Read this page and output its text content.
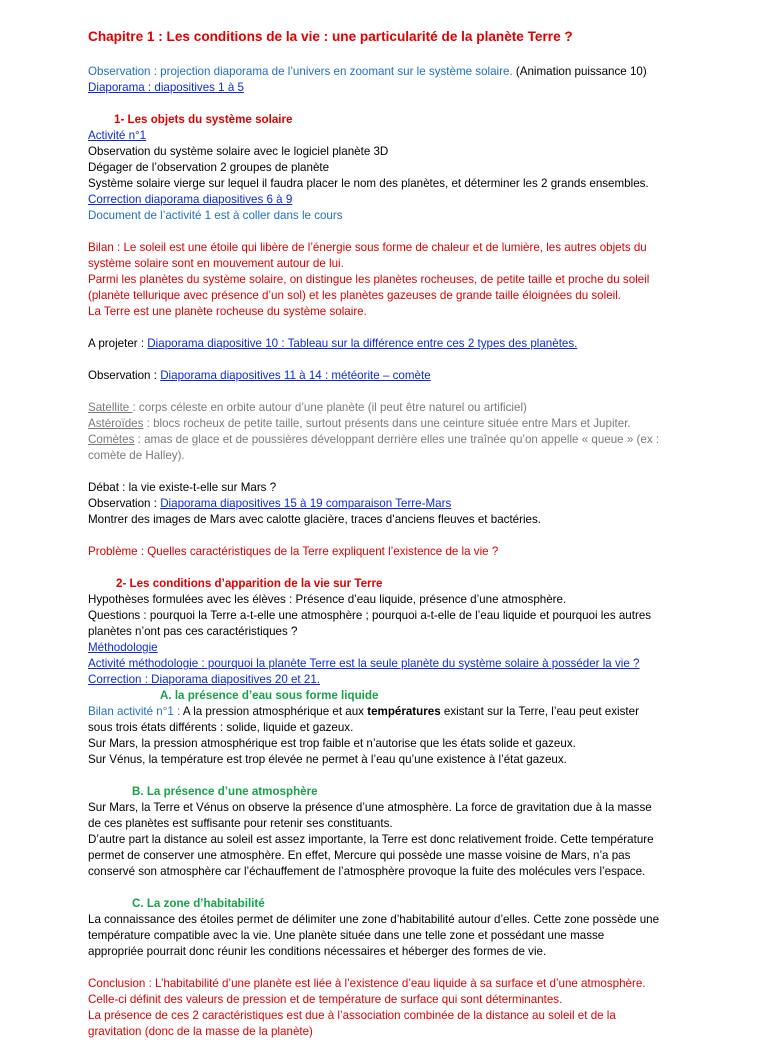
Chapitre 1 : Les conditions de la vie : une particularité de la planète Terre ?

Observation : projection diaporama de l’univers en zoomant sur le système solaire. (Animation puissance 10)

Diaporama : diapositives 1 à 5

1- Les objets du système solaire

Activité n°1

Observation du système solaire avec le logiciel planète 3D

Dégager de l’observation 2 groupes de planète

Système solaire vierge sur lequel il faudra placer le nom des planètes, et déterminer les 2 grands ensembles.

Correction diaporama diapositives 6 à 9

Document de l’activité 1 est à coller dans le cours

Bilan : Le soleil est une étoile qui libère de l’énergie sous forme de chaleur et de lumière, les autres objets du

système solaire sont en mouvement autour de lui.

Parmi les planètes du système solaire, on distingue les planètes rocheuses, de petite taille et proche du soleil

(planète tellurique avec présence d’un sol) et les planètes gazeuses de grande taille éloignées du soleil.

La Terre est une planète rocheuse du système solaire.

A projeter : Diaporama diapositive 10 : Tableau sur la différence entre ces 2 types des planètes.

Observation : Diaporama diapositives 11 à 14 : météorite – comète

Satellite : corps céleste en orbite autour d’une planète (il peut être naturel ou artificiel)

Astéroïdes : blocs rocheux de petite taille, surtout présents dans une ceinture située entre Mars et Jupiter.

Comètes : amas de glace et de poussières développant derrière elles une traînée qu’on appelle « queue » (ex :

comète de Halley).

Débat : la vie existe-t-elle sur Mars ?

Observation : Diaporama diapositives 15 à 19 comparaison Terre-Mars

Montrer des images de Mars avec calotte glacière, traces d’anciens fleuves et bactéries.

Problème : Quelles caractéristiques de la Terre expliquent l’existence de la vie ?

2- Les conditions d’apparition de la vie sur Terre

Hypothèses formulées avec les élèves : Présence d’eau liquide, présence d’une atmosphère.

Questions : pourquoi la Terre a-t-elle une atmosphère ; pourquoi a-t-elle de l’eau liquide et pourquoi les autres

planètes n’ont pas ces caractéristiques ?

Méthodologie

Activité méthodologie : pourquoi la planète Terre est la seule planète du système solaire à posséder la vie ?

Correction : Diaporama diapositives 20 et 21.

A. la présence d’eau sous forme liquide

Bilan activité n°1 : A la pression atmosphérique et aux températures existant sur la Terre, l’eau peut exister

sous trois états différents : solide, liquide et gazeux.

Sur Mars, la pression atmosphérique est trop faible et n’autorise que les états solide et gazeux.

Sur Vénus, la température est trop élevée ne permet à l’eau qu’une existence à l’état gazeux.

B. La présence d’une atmosphère

Sur Mars, la Terre et Vénus on observe la présence d’une atmosphère. La force de gravitation due à la masse

de ces planètes est suffisante pour retenir ses constituants.

D’autre part la distance au soleil est assez importante, la Terre est donc relativement froide. Cette température

permet de conserver une atmosphère. En effet, Mercure qui possède une masse voisine de Mars, n’a pas

conservé son atmosphère car l’échauffement de l’atmosphère provoque la fuite des molécules vers l’espace.

C. La zone d’habitabilité

La connaissance des étoiles permet de délimiter une zone d’habitabilité autour d’elles. Cette zone possède une

température compatible avec la vie. Une planète située dans une telle zone et possédant une masse

appropriée pourrait donc réunir les conditions nécessaires et héberger des formes de vie.

Conclusion : L’habitabilité d’une planète est liée à l’existence d’eau liquide à sa surface et d’une atmosphère.

Celle-ci définit des valeurs de pression et de température de surface qui sont déterminantes.

La présence de ces 2 caractéristiques est due à l’association combinée de la distance au soleil et de la

gravitation (donc de la masse de la planète)
